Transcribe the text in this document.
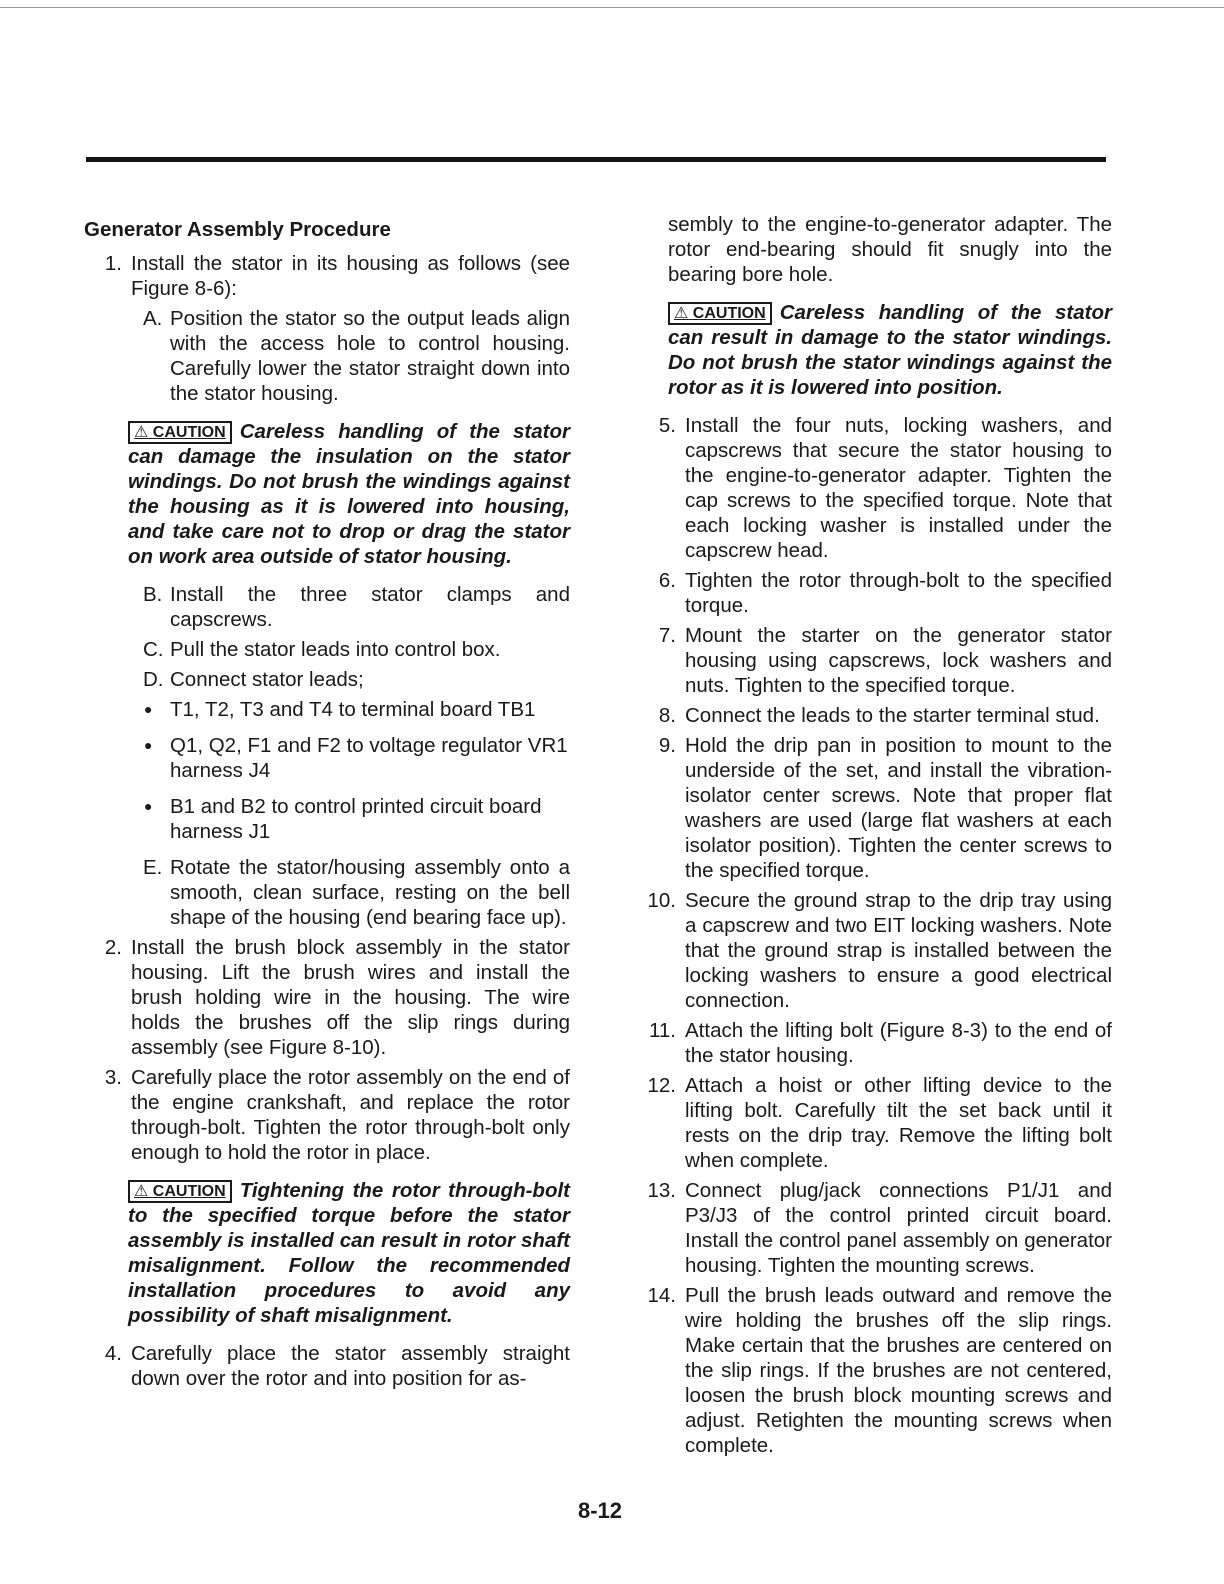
Generator Assembly Procedure

1. Install the stator in its housing as follows (see Figure 8-6):

A. Position the stator so the output leads align with the access hole to control housing. Carefully lower the stator straight down into the stator housing.

⚠ CAUTION Careless handling of the stator can damage the insulation on the stator windings. Do not brush the windings against the housing as it is lowered into housing, and take care not to drop or drag the stator on work area outside of stator housing.

B. Install the three stator clamps and capscrews.

C. Pull the stator leads into control box.

D. Connect stator leads;

● T1, T2, T3 and T4 to terminal board TB1

● Q1, Q2, F1 and F2 to voltage regulator VR1 harness J4

● B1 and B2 to control printed circuit board harness J1

E. Rotate the stator/housing assembly onto a smooth, clean surface, resting on the bell shape of the housing (end bearing face up).

2. Install the brush block assembly in the stator housing. Lift the brush wires and install the brush holding wire in the housing. The wire holds the brushes off the slip rings during assembly (see Figure 8-10).

3. Carefully place the rotor assembly on the end of the engine crankshaft, and replace the rotor through-bolt. Tighten the rotor through-bolt only enough to hold the rotor in place.

⚠ CAUTION Tightening the rotor through-bolt to the specified torque before the stator assembly is installed can result in rotor shaft misalignment. Follow the recommended installation procedures to avoid any possibility of shaft misalignment.

4. Carefully place the stator assembly straight down over the rotor and into position for as-

sembly to the engine-to-generator adapter. The rotor end-bearing should fit snugly into the bearing bore hole.

⚠ CAUTION Careless handling of the stator can result in damage to the stator windings. Do not brush the stator windings against the rotor as it is lowered into position.

5. Install the four nuts, locking washers, and capscrews that secure the stator housing to the engine-to-generator adapter. Tighten the cap screws to the specified torque. Note that each locking washer is installed under the capscrew head.

6. Tighten the rotor through-bolt to the specified torque.

7. Mount the starter on the generator stator housing using capscrews, lock washers and nuts. Tighten to the specified torque.

8. Connect the leads to the starter terminal stud.

9. Hold the drip pan in position to mount to the underside of the set, and install the vibration-isolator center screws. Note that proper flat washers are used (large flat washers at each isolator position). Tighten the center screws to the specified torque.

10. Secure the ground strap to the drip tray using a capscrew and two EIT locking washers. Note that the ground strap is installed between the locking washers to ensure a good electrical connection.

11. Attach the lifting bolt (Figure 8-3) to the end of the stator housing.

12. Attach a hoist or other lifting device to the lifting bolt. Carefully tilt the set back until it rests on the drip tray. Remove the lifting bolt when complete.

13. Connect plug/jack connections P1/J1 and P3/J3 of the control printed circuit board. Install the control panel assembly on generator housing. Tighten the mounting screws.

14. Pull the brush leads outward and remove the wire holding the brushes off the slip rings. Make certain that the brushes are centered on the slip rings. If the brushes are not centered, loosen the brush block mounting screws and adjust. Retighten the mounting screws when complete.

8-12
